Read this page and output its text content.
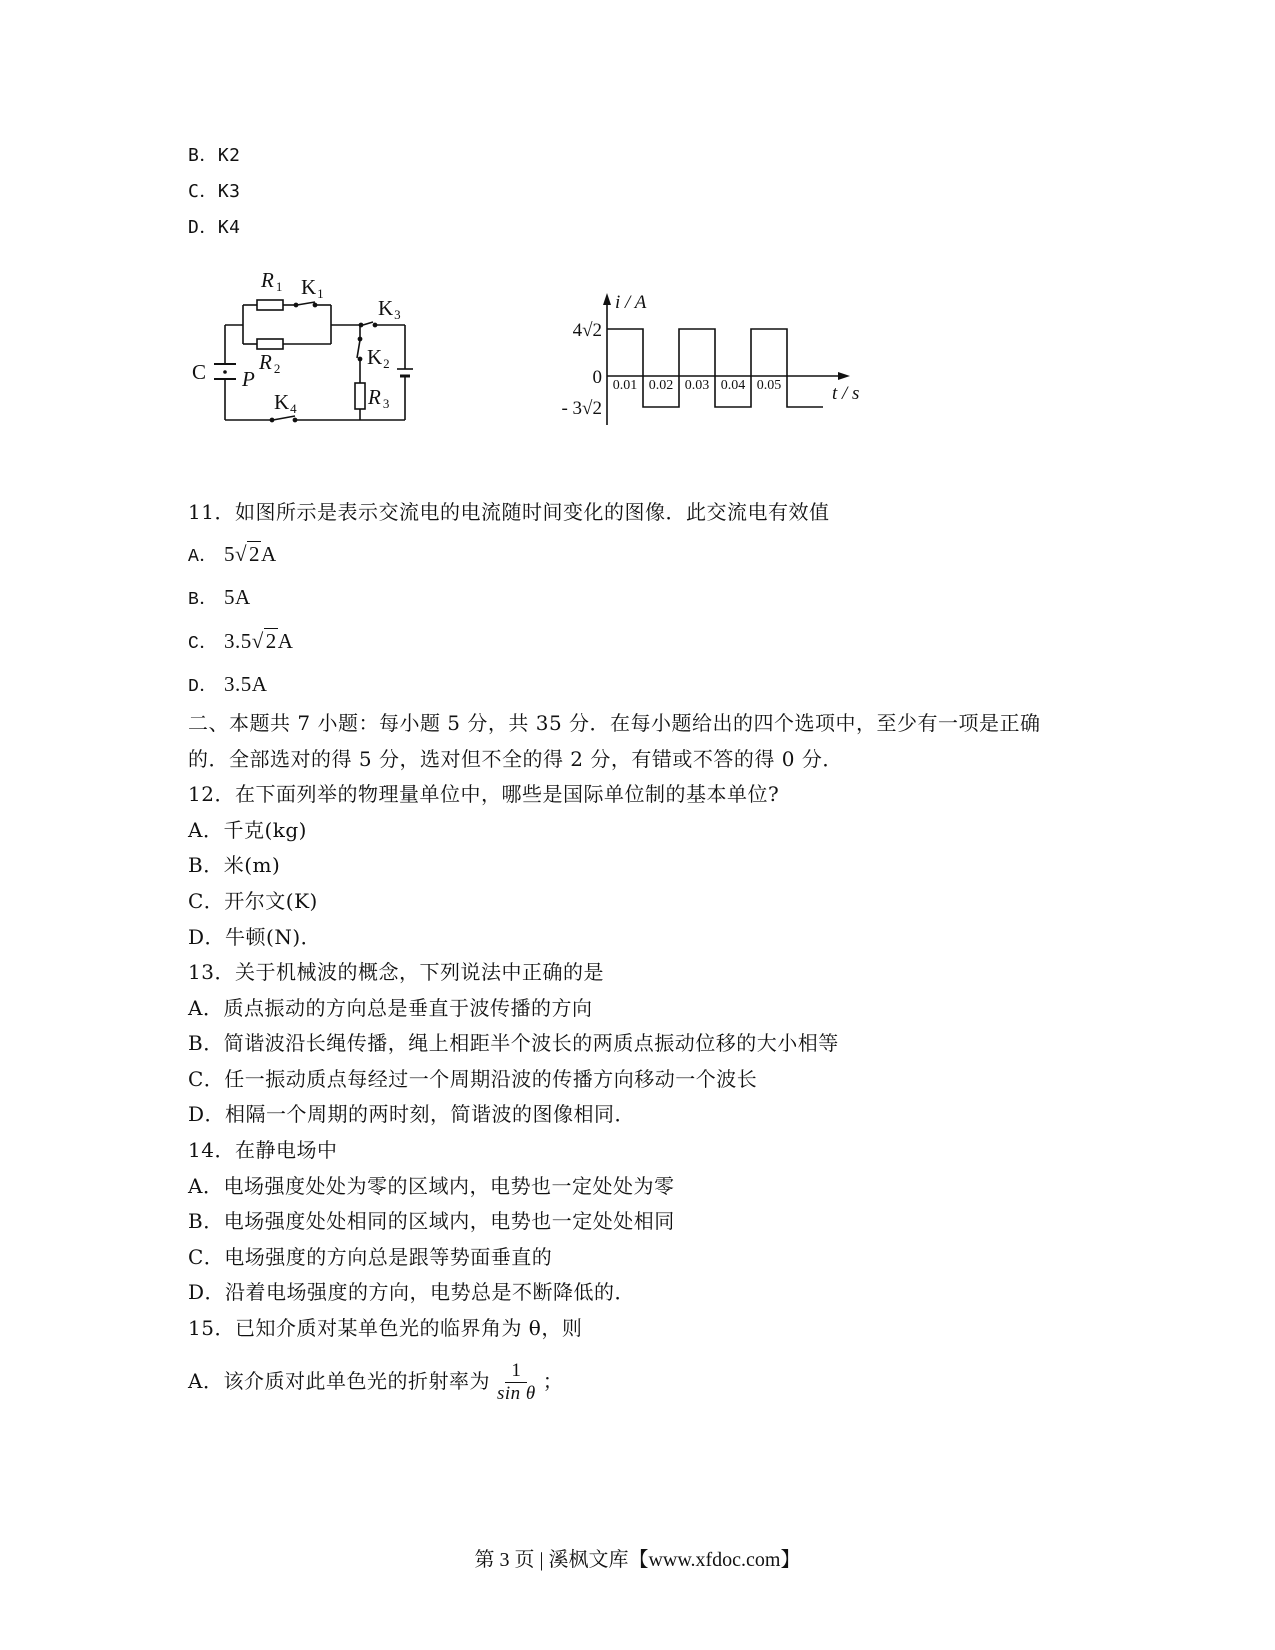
B．K2
C．K3
D．K4
R 1 K1
K3
C P
R 2	K2
R 3
K4
i / A
t / s
4√2
0
- 3√2
0.01 0.02 0.03 0.04 0.05
11．如图所示是表示交流电的电流随时间变化的图像．此交流电有效值
A． 5√2A
B． 5A
C． 3.5√2A
D． 3.5A
二、本题共 7 小题：每小题 5 分，共 35 分．在每小题给出的四个选项中，至少有一项是正确
的．全部选对的得 5 分，选对但不全的得 2 分，有错或不答的得 0 分．
12．在下面列举的物理量单位中，哪些是国际单位制的基本单位?
A．千克(kg)
B．米(m)
C．开尔文(K)
D．牛顿(N)．
13．关于机械波的概念，下列说法中正确的是
A．质点振动的方向总是垂直于波传播的方向
B．简谐波沿长绳传播，绳上相距半个波长的两质点振动位移的大小相等
C．任一振动质点每经过一个周期沿波的传播方向移动一个波长
D．相隔一个周期的两时刻，简谐波的图像相同．
14．在静电场中
A．电场强度处处为零的区域内，电势也一定处处为零
B．电场强度处处相同的区域内，电势也一定处处相同
C．电场强度的方向总是跟等势面垂直的
D．沿着电场强度的方向，电势总是不断降低的．
15．已知介质对某单色光的临界角为 θ，则
A．该介质对此单色光的折射率为 $\frac{1}{\text{sin θ}}$ ；
第 3 页 | 溪枫文库【www.xfdoc.com】
